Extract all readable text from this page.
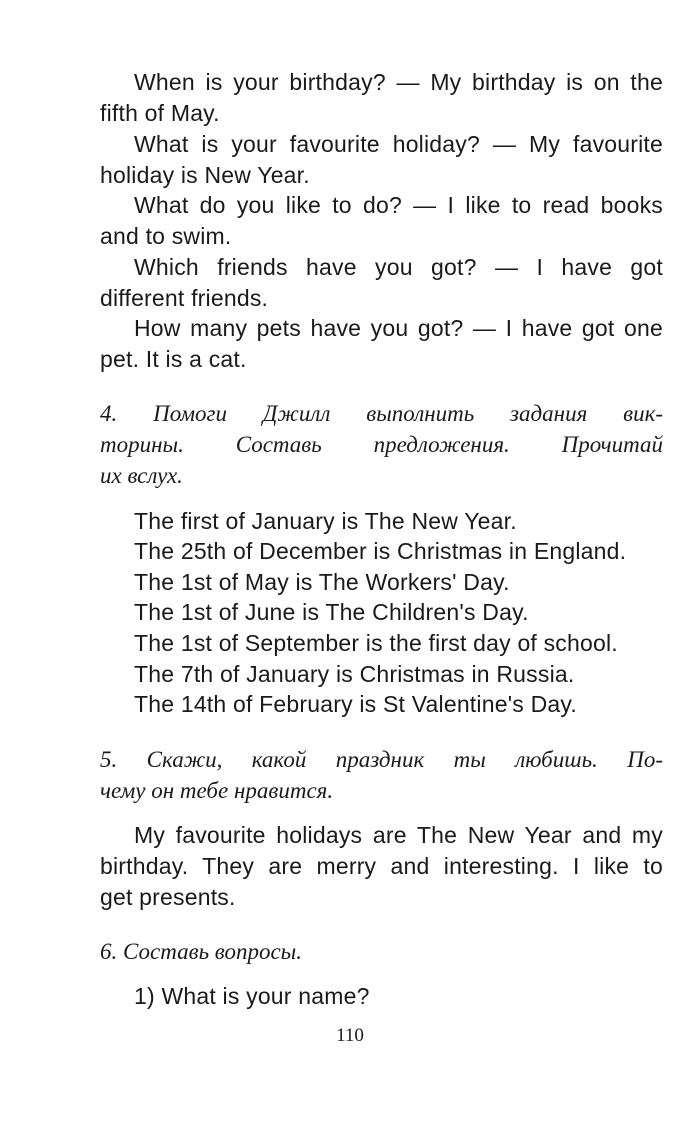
When is your birthday? — My birthday is on the
fifth of May.
What is your favourite holiday? — My favourite
holiday is New Year.
What do you like to do? — I like to read books
and to swim.
Which friends have you got? — I have got
different friends.
How many pets have you got? — I have got one
pet. It is a cat.
4. Помоги Джилл выполнить задания вик-
торины. Составь предложения. Прочитай
их вслух.
The first of January is The New Year.
The 25th of December is Christmas in England.
The 1st of May is The Workers' Day.
The 1st of June is The Children's Day.
The 1st of September is the first day of school.
The 7th of January is Christmas in Russia.
The 14th of February is St Valentine's Day.
5. Скажи, какой праздник ты любишь. По-
чему он тебе нравится.
My favourite holidays are The New Year and my
birthday. They are merry and interesting. I like to
get presents.
6. Составь вопросы.
1) What is your name?
110
